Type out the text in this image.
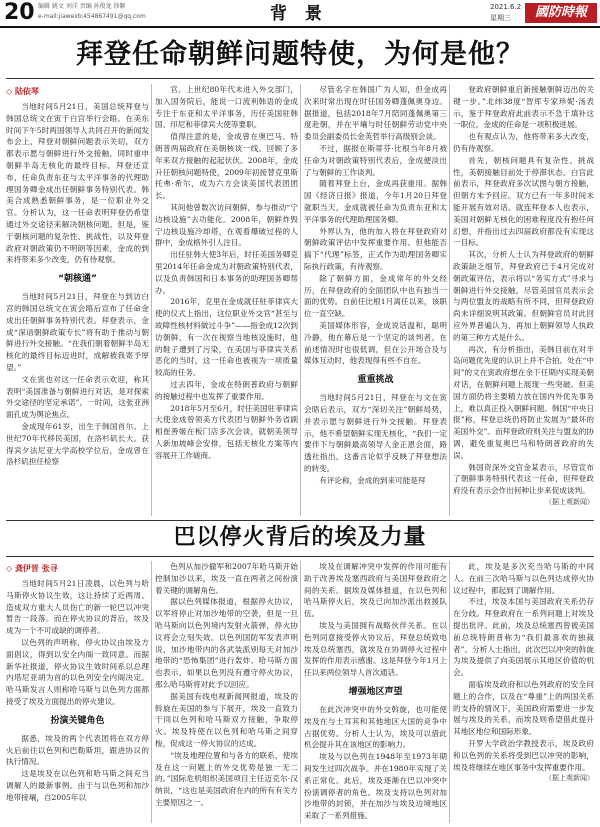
20 编辑 姚文 刘洋 责编 孙俊龙 徐颖
e-mail:jiaweidc454867491@qq.com	背 景	2021.6.2
星期三	國防時報
拜登任命朝鲜问题特使，为何是他？
◇ 陆依琴

当地时间5月21日，美国总统拜登与韩国总统文在寅于白宫举行会晤。在美东时间下午5时两国领导人共同召开的新闻发布会上，拜登对朝鲜问题表示关切，双方都表示愿与朝鲜进行外交接触，同时重申朝鲜半岛无核化的最终目标。拜登还宣布，任命负责东亚与太平洋事务的代理助理国务卿金成出任朝鲜事务特别代表。韩美合成熟悉朝鲜事务，是一位职业外交官。分析认为，这一任命表明拜登仍希望通过外交途径来解决朝核问题。但是，鉴于朝核问题的复杂性、挑战性，以及拜登政府对朝政策仍不明朗等因素，金成的到来将带来多少改变，仍有待观察。

“朝核通”

当地时间5月21日，拜登在与到访白宫的韩国总统文在寅会晤后宣布了任命金成出任朝鲜事务特别代表。拜登表示，金成“深谙朝鲜政策专长”将有助于推动与朝鲜进行外交接触。“在我们朝着朝鲜半岛无核化的最终目标迈进时，成解被我寄予厚望。”

文在寅也对这一任命表示欢迎，称其表明“美国准备与朝鲜进行对话，是对探索外交途径的坚定承诺”。一时间，这张亚洲面孔成为舆论焦点。

金成现年61岁，出生于韩国首尔。上世纪70年代移民美国，在洛杉矶长大。获得宾夕法尼亚大学高校学位后，金成曾在洛杉矶担任检察

官。上世纪80年代末进入外交部门，加入国务院后，能说一口流利韩语的金成专注于东亚和太平洋事务，历任美国驻韩国、印尼和菲律宾大使等要职。

值得注意的是，金成曾在奥巴马、特朗普两届政府在美朝核谈一线。回顾了多年来双方接触的起起伏伏。2008年，金成升任朝核问题特使，2009年初接替克里斯托弗·希尔，成为六方会谈美国代表团团长。

其间他曾数次访问朝鲜，参与推动“宁边核设施”去功能化。2008年，朝鲜炸毁宁边核设施冷却塔，在观看爆破过程的人群中，金成格外引人注目。

出任驻韩大使3年后，时任美国务卿克里2014年任命金成为对朝政策特别代表，以及负责韩国和日本事务的助理国务卿帮办。

2016年，克里在金成就任驻菲律宾大使的仪式上指出，这位职业外交官“甚至与故障性核材料做过斗争”——指金成12次到访朝鲜，有一次在视察当地核设施时，他的鞋子遭到了污染，在美国与菲律宾关系恶化的当时，这一任命也被视为一项质量较高的任务。

过去四年，金成在特朗普政府与朝鲜的接触过程中也发挥了重要作用。

2018年5月至6月，时任美国驻菲律宾大使金成曾领美方代表团与朝鲜外务省副相崔善姬在板门店多次会谈，就朝美领导人新加坡峰会安排，包括无核化方案等内容展开工作磋商。

尽管名字在韩国广为人知，但金成再次来时常出现在时任国务卿蓬佩奥身边。据报道，包括2018年7月陪同蓬佩奥第三度赴朝，并在平壤与时任朝鲜劳动党中央委员会副委员长金英哲举行高级别会谈。

不过，据报在斯蒂芬·比根当年8月被任命为对朝政策特别代表后，金成便淡出了与朝鲜的工作谈判。

随着拜登上台，金成再获重用。据韩国《经济日报》报道，今年1月20日拜登就职当天，金成就被任命为负责东亚和太平洋事务的代理助理国务卿。

外界认为，他的加入将在拜登政府对朝鲜政策评估中发挥重要作用。但他能否搞下“代理”标签，正式作为助理国务卿实际执行政策，有待观察。

除了朝鲜方面，金成常年的外交经历，在拜登政府的全面团队中也有独当一面的优势。自前任比根1月离任以来，该职位一直空缺。

美国媒体形容，金成说话温和，聪明冷静，他在幕后是一个坚定的谈判者。在前述情况时也很低调，但在公开场合及与媒体互动时，他表现得有些不自在。

重重挑战

当地时间5月21日，拜登在与文在寅会晤后表示，双方“深切关注”朝鲜局势，并表示愿与朝鲜进行外交接触。拜登表示，他不希望朝鲜实现无核化，“我们一定要伴下与朝鲜最高领导人金正恩会面，路透社指出，这番言论似乎反映了拜登想法的转变。

有评论称，金成的到来可能是拜

登政府朝鲜重启新接触朝鲜迈出的关键一步。”北纬38度“智库专家珍妮·汤表示，鉴于拜登政府此前表示不急于填补这一职位，金成的任命是一项积极进展。

也有观点认为，他将带来多大改变，仍有待观察。

首先，朝核问题具有复杂性、挑战性，美朝接触目前处于停滞状态。白宫此前表示，拜登政府多次试图与朝方接触，但朝方未予回应。双方已有一年多时间未能开展有效对话。就连拜登本人也表示，美国对朝鲜无核化的困难程度没有抱任何幻想，并指出过去四届政府都没有实现这一目标。

其次，分析人士认为拜登政府的朝鲜政策缺乏细节，拜登政府已于4月完成对朝政策评估，表示将以“务实方式”寻求与朝鲜进行外交接触，尽管美国官员表示会与两位盟友的战略有所不同，但拜登政府尚未详细说明其政策。但朝鲜官员对此回应外界普遍认为，再加上朝鲜领导人执政的第三种方式是什么。

再次，有分析指出，美韩目前在对半岛问题优先度的认识上并不合拍。处在“中间”的文在寅政府想在余下任期内实现美朝对话，在朝鲜问题上展现一些突破。但美国方面仍将主要精力放在国内外优先事务上，难以真正投入朝鲜问题。韩国“中央日报”称，拜登总统仍将防止发展为“最坏的美国外交”。而拜登政府则关注与盟友的协调，避免重复奥巴马和特朗普政府的失误。

韩国资深外交官金某表示，尽管宣布了朝鲜事务特别代表这一任命，但拜登政府没有表示会作出何种让步来促成谈判。

（据上观新闻）
巴以停火背后的埃及力量
◇ 龚伊晋 张寻

当地时间5月21日凌晨，以色列与哈马斯停火协议生效，这让持续了近两周、造成双方重大人员伤亡的新一轮巴以冲突暂告一段落。而在停火协议的背后，埃及成为一个不可或缺的调停者。

以色列的声明称，停火协议由埃及方面倡议，得到以安全内阁一致同意。而据新华社报道，停火协议生效时间系以总理内塔尼亚胡为首的以色列安全内阁决定。哈马斯发言人则称哈马斯与以色列方面都接受了埃及方面提出的停火建议。

扮演关键角色

据悉，埃及的两个代表团将在双方停火后前往以色列和巴勒斯坦，跟进协议的执行情况。

这是埃及在以色列和哈马斯之间充当调解人的最新事例。由于与以色列和加沙地带接壤，自2005年以

色列从加沙撤军和2007年哈马斯开始控制加沙以来，埃及一直在两者之间扮演着关键的调解角色。

据以色列媒体报道，根据停火协议，以军将停止对加沙地带的空袭，但是一旦哈马斯向以色列境内发射火箭弹，停火协议将会立刻失效。以色列国防军发表声明说，加沙地带内的各武装派别每天对加沙地带的“恐怖集团”进行轰炸。哈马斯方面也表示，如果以色列没有遵守停火协议，那么哈马斯将对此予以回应。

据美国有线电视新闻网报道，埃及的斡旋在美国的参与下展开，埃及一直致力于同以色列和哈马斯双方接触，争取停火。埃及特使在以色列和哈马斯之间穿梭，促成这一停火协议的达成。

“埃及地理位置和与各方的联系，使埃及在这一问题上的外交优势是独一无二的。”国际危机组织美国项目主任迈克尔·汉纳说，“这也是美国政府在内的所有有关方主要原因之一。

埃及在调解冲突中发挥的作用可能有助于改善埃及塞西政府与美国拜登政府之间的关系。据埃及媒体报道，在以色列和哈马斯停火后，埃及已向加沙派出救援队伍。

埃及与美国拥有战略伙伴关系。在以色列同意接受停火协议后，拜登总统致电埃及总统塞西，就埃及在协调停火过程中发挥的作用表示感谢。这是拜登今年1月上任以来两位领导人首次通话。

增强地区声望

在此次冲突中的外交斡旋，也可能使埃及在与土耳其和其他地区大国的竞争中占据优势。分析人士认为，埃及可以借此机会提升其在该地区的影响力。

埃及与以色列在1948年至1973年期间发生过四次战争。并在1980年实现了关系正常化。此后，埃及逐渐在巴以冲突中扮演调停者的角色。埃及支持以色列对加沙地带的封锁，并在加沙与埃及边境地区采取了一系列措施。

此，埃及是多次充当哈马斯的中间人。在前三次哈马斯与以色列达成停火协议过程中，都起到了调解作用。

不过，埃及本国与美国政府关系仍存在分歧。拜登政府在一系列问题上对埃及提出批评。此前，埃及总统塞西曾被美国前总统特朗普称为“我们最喜欢的独裁者”。分析人士指出，此次巴以冲突的斡旋为埃及提供了向美国展示其地区价值的机会。

面临埃及政府和以色列政府的安全问题上的合作，以及在“尊重”上的两国关系的支持的情况下，美国政府需要进一步发展与埃及的关系，而埃及则希望借此提升其地区地位和国际形象。

开罗大学政治学教授表示，埃及政府和以色列的关系将受到巴以冲突的影响，埃及将继续在地区事务中发挥重要作用。

（据上观新闻）
